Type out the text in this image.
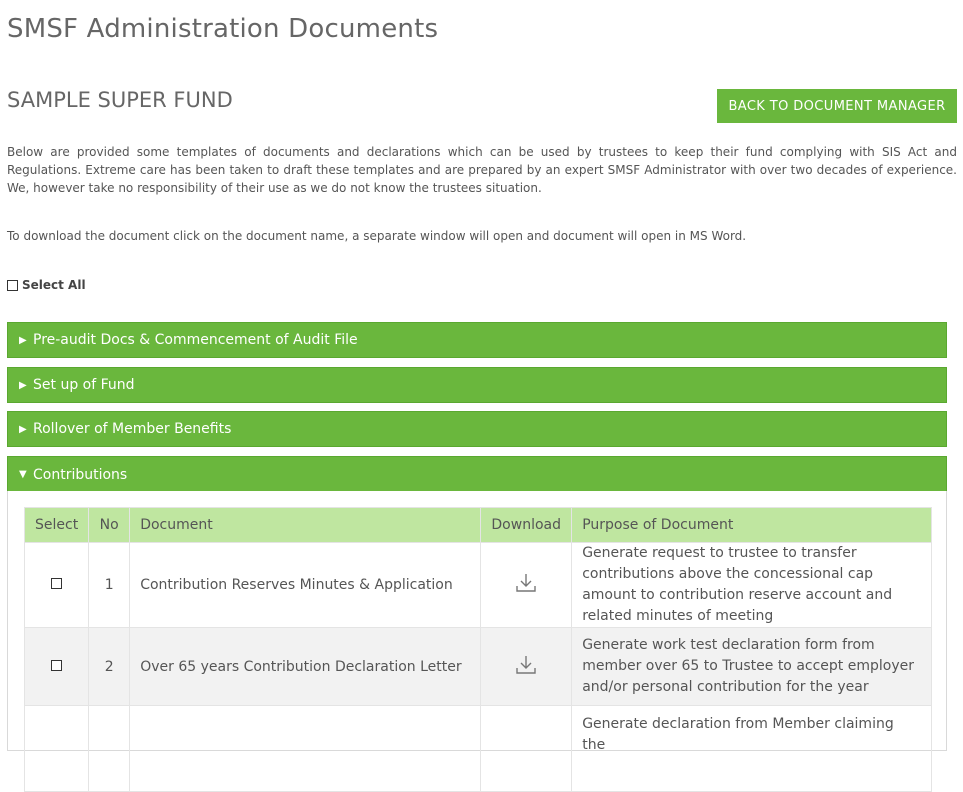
SMSF Administration Documents
SAMPLE SUPER FUND	BACK TO DOCUMENT MANAGER

Below are provided some templates of documents and declarations which can be used by trustees to keep their fund complying with SIS Act and Regulations. Extreme care has been taken to draft these templates and are prepared by an expert SMSF Administrator with over two decades of experience. We, however take no responsibility of their use as we do not know the trustees situation.

To download the document click on the document name, a separate window will open and document will open in MS Word.

Select All
▶ Pre-audit Docs & Commencement of Audit File
▶ Set up of Fund
▶ Rollover of Member Benefits
▼ Contributions
Select	No	Document	Download	Purpose of Document
	1	Contribution Reserves Minutes & Application		Generate request to trustee to transfer contributions above the concessional cap amount to contribution reserve account and related minutes of meeting
	2	Over 65 years Contribution Declaration Letter		Generate work test declaration form from member over 65 to Trustee to accept employer and/or personal contribution for the year
				Generate declaration from Member claiming the
